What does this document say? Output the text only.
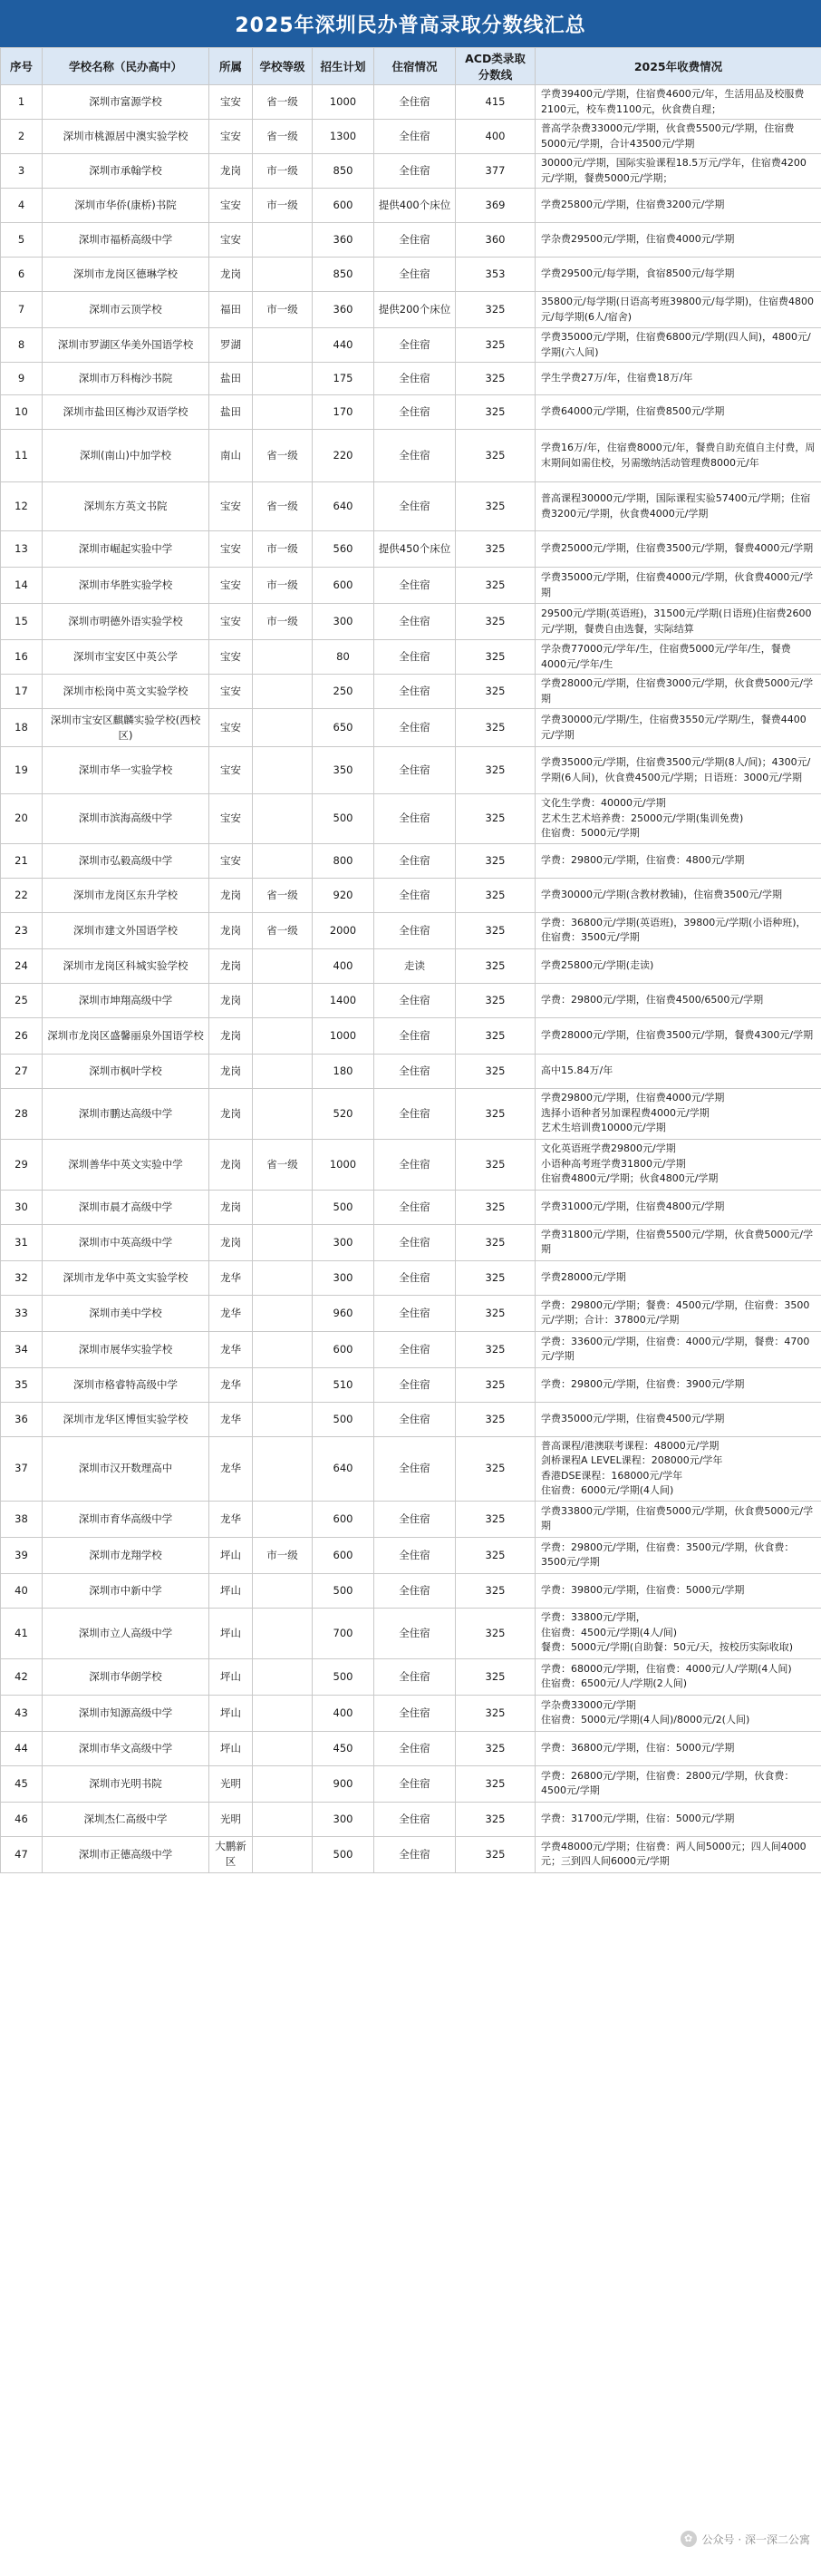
2025年深圳民办普高录取分数线汇总
序号	学校名称（民办高中）	所属	学校等级	招生计划	住宿情况	ACD类录取分数线	2025年收费情况
1	深圳市富源学校	宝安	省一级	1000	全住宿	415	学费39400元/学期，住宿费4600元/年，生活用品及校服费2100元，校车费1100元，伙食费自理；
2	深圳市桃源居中澳实验学校	宝安	省一级	1300	全住宿	400	普高学杂费33000元/学期，伙食费5500元/学期，住宿费5000元/学期，合计43500元/学期
3	深圳市承翰学校	龙岗	市一级	850	全住宿	377	30000元/学期，国际实验课程18.5万元/学年，住宿费4200元/学期，餐费5000元/学期；
4	深圳市华侨(康桥)书院	宝安	市一级	600	提供400个床位	369	学费25800元/学期，住宿费3200元/学期
5	深圳市福桥高级中学	宝安		360	全住宿	360	学杂费29500元/学期，住宿费4000元/学期
6	深圳市龙岗区德琳学校	龙岗		850	全住宿	353	学费29500元/每学期，食宿8500元/每学期
7	深圳市云顶学校	福田	市一级	360	提供200个床位	325	35800元/每学期(日语高考班39800元/每学期)，住宿费4800元/每学期(6人/宿舍)
8	深圳市罗湖区华美外国语学校	罗湖		440	全住宿	325	学费35000元/学期，住宿费6800元/学期(四人间)，4800元/学期(六人间)
9	深圳市万科梅沙书院	盐田		175	全住宿	325	学生学费27万/年，住宿费18万/年
10	深圳市盐田区梅沙双语学校	盐田		170	全住宿	325	学费64000元/学期，住宿费8500元/学期
11	深圳(南山)中加学校	南山	省一级	220	全住宿	325	学费16万/年，住宿费8000元/年，餐费自助充值自主付费，周末期间如需住校，另需缴纳活动管理费8000元/年
12	深圳东方英文书院	宝安	省一级	640	全住宿	325	普高课程30000元/学期，国际课程实验57400元/学期；住宿费3200元/学期，伙食费4000元/学期
13	深圳市崛起实验中学	宝安	市一级	560	提供450个床位	325	学费25000元/学期，住宿费3500元/学期，餐费4000元/学期
14	深圳市华胜实验学校	宝安	市一级	600	全住宿	325	学费35000元/学期，住宿费4000元/学期，伙食费4000元/学期
15	深圳市明德外语实验学校	宝安	市一级	300	全住宿	325	29500元/学期(英语班)，31500元/学期(日语班)住宿费2600元/学期，餐费自由选餐，实际结算
16	深圳市宝安区中英公学	宝安		80	全住宿	325	学杂费77000元/学年/生，住宿费5000元/学年/生，餐费4000元/学年/生
17	深圳市松岗中英文实验学校	宝安		250	全住宿	325	学费28000元/学期，住宿费3000元/学期，伙食费5000元/学期
18	深圳市宝安区麒麟实验学校(西校区)	宝安		650	全住宿	325	学费30000元/学期/生，住宿费3550元/学期/生，餐费4400元/学期
19	深圳市华一实验学校	宝安		350	全住宿	325	学费35000元/学期，住宿费3500元/学期(8人/间)；4300元/学期(6人间)，伙食费4500元/学期；日语班：3000元/学期
20	深圳市滨海高级中学	宝安		500	全住宿	325	文化生学费：40000元/学期
艺术生艺术培养费：25000元/学期(集训免费)
住宿费：5000元/学期
21	深圳市弘毅高级中学	宝安		800	全住宿	325	学费：29800元/学期，住宿费：4800元/学期
22	深圳市龙岗区东升学校	龙岗	省一级	920	全住宿	325	学费30000元/学期(含教材教辅)，住宿费3500元/学期
23	深圳市建文外国语学校	龙岗	省一级	2000	全住宿	325	学费：36800元/学期(英语班)，39800元/学期(小语种班)，住宿费：3500元/学期
24	深圳市龙岗区科城实验学校	龙岗		400	走读	325	学费25800元/学期(走读)
25	深圳市坤翔高级中学	龙岗		1400	全住宿	325	学费：29800元/学期，住宿费4500/6500元/学期
26	深圳市龙岗区盛馨丽泉外国语学校	龙岗		1000	全住宿	325	学费28000元/学期，住宿费3500元/学期，餐费4300元/学期
27	深圳市枫叶学校	龙岗		180	全住宿	325	高中15.84万/年
28	深圳市鹏达高级中学	龙岗		520	全住宿	325	学费29800元/学期，住宿费4000元/学期
选择小语种者另加课程费4000元/学期
艺术生培训费10000元/学期
29	深圳善华中英文实验中学	龙岗	省一级	1000	全住宿	325	文化英语班学费29800元/学期
小语种高考班学费31800元/学期
住宿费4800元/学期；伙食4800元/学期
30	深圳市晨才高级中学	龙岗		500	全住宿	325	学费31000元/学期，住宿费4800元/学期
31	深圳市中英高级中学	龙岗		300	全住宿	325	学费31800元/学期，住宿费5500元/学期，伙食费5000元/学期
32	深圳市龙华中英文实验学校	龙华		300	全住宿	325	学费28000元/学期
33	深圳市美中学校	龙华		960	全住宿	325	学费：29800元/学期；餐费：4500元/学期，住宿费：3500元/学期；合计：37800元/学期
34	深圳市展华实验学校	龙华		600	全住宿	325	学费：33600元/学期，住宿费：4000元/学期，餐费：4700元/学期
35	深圳市格睿特高级中学	龙华		510	全住宿	325	学费：29800元/学期，住宿费：3900元/学期
36	深圳市龙华区博恒实验学校	龙华		500	全住宿	325	学费35000元/学期，住宿费4500元/学期
37	深圳市汉开数理高中	龙华		640	全住宿	325	普高课程/港澳联考课程：48000元/学期
剑桥课程A LEVEL课程：208000元/学年
香港DSE课程：168000元/学年
住宿费：6000元/学期(4人间)
38	深圳市育华高级中学	龙华		600	全住宿	325	学费33800元/学期，住宿费5000元/学期，伙食费5000元/学期
39	深圳市龙翔学校	坪山	市一级	600	全住宿	325	学费：29800元/学期，住宿费：3500元/学期，伙食费：3500元/学期
40	深圳市中新中学	坪山		500	全住宿	325	学费：39800元/学期，住宿费：5000元/学期
41	深圳市立人高级中学	坪山		700	全住宿	325	学费：33800元/学期，
住宿费：4500元/学期(4人/间)
餐费：5000元/学期(自助餐：50元/天，按校历实际收取)
42	深圳市华朗学校	坪山		500	全住宿	325	学费：68000元/学期，住宿费：4000元/人/学期(4人间)
住宿费：6500元/人/学期(2人间)
43	深圳市知源高级中学	坪山		400	全住宿	325	学杂费33000元/学期
住宿费：5000元/学期(4人间)/8000元/2(人间)
44	深圳市华文高级中学	坪山		450	全住宿	325	学费：36800元/学期，住宿：5000元/学期
45	深圳市光明书院	光明		900	全住宿	325	学费：26800元/学期，住宿费：2800元/学期，伙食费：4500元/学期
46	深圳杰仁高级中学	光明		300	全住宿	325	学费：31700元/学期，住宿：5000元/学期
47	深圳市正德高级中学	大鹏新区		500	全住宿	325	学费48000元/学期；住宿费：两人间5000元；四人间4000元；三到四人间6000元/学期
✿ 公众号 · 深一深二公寓
